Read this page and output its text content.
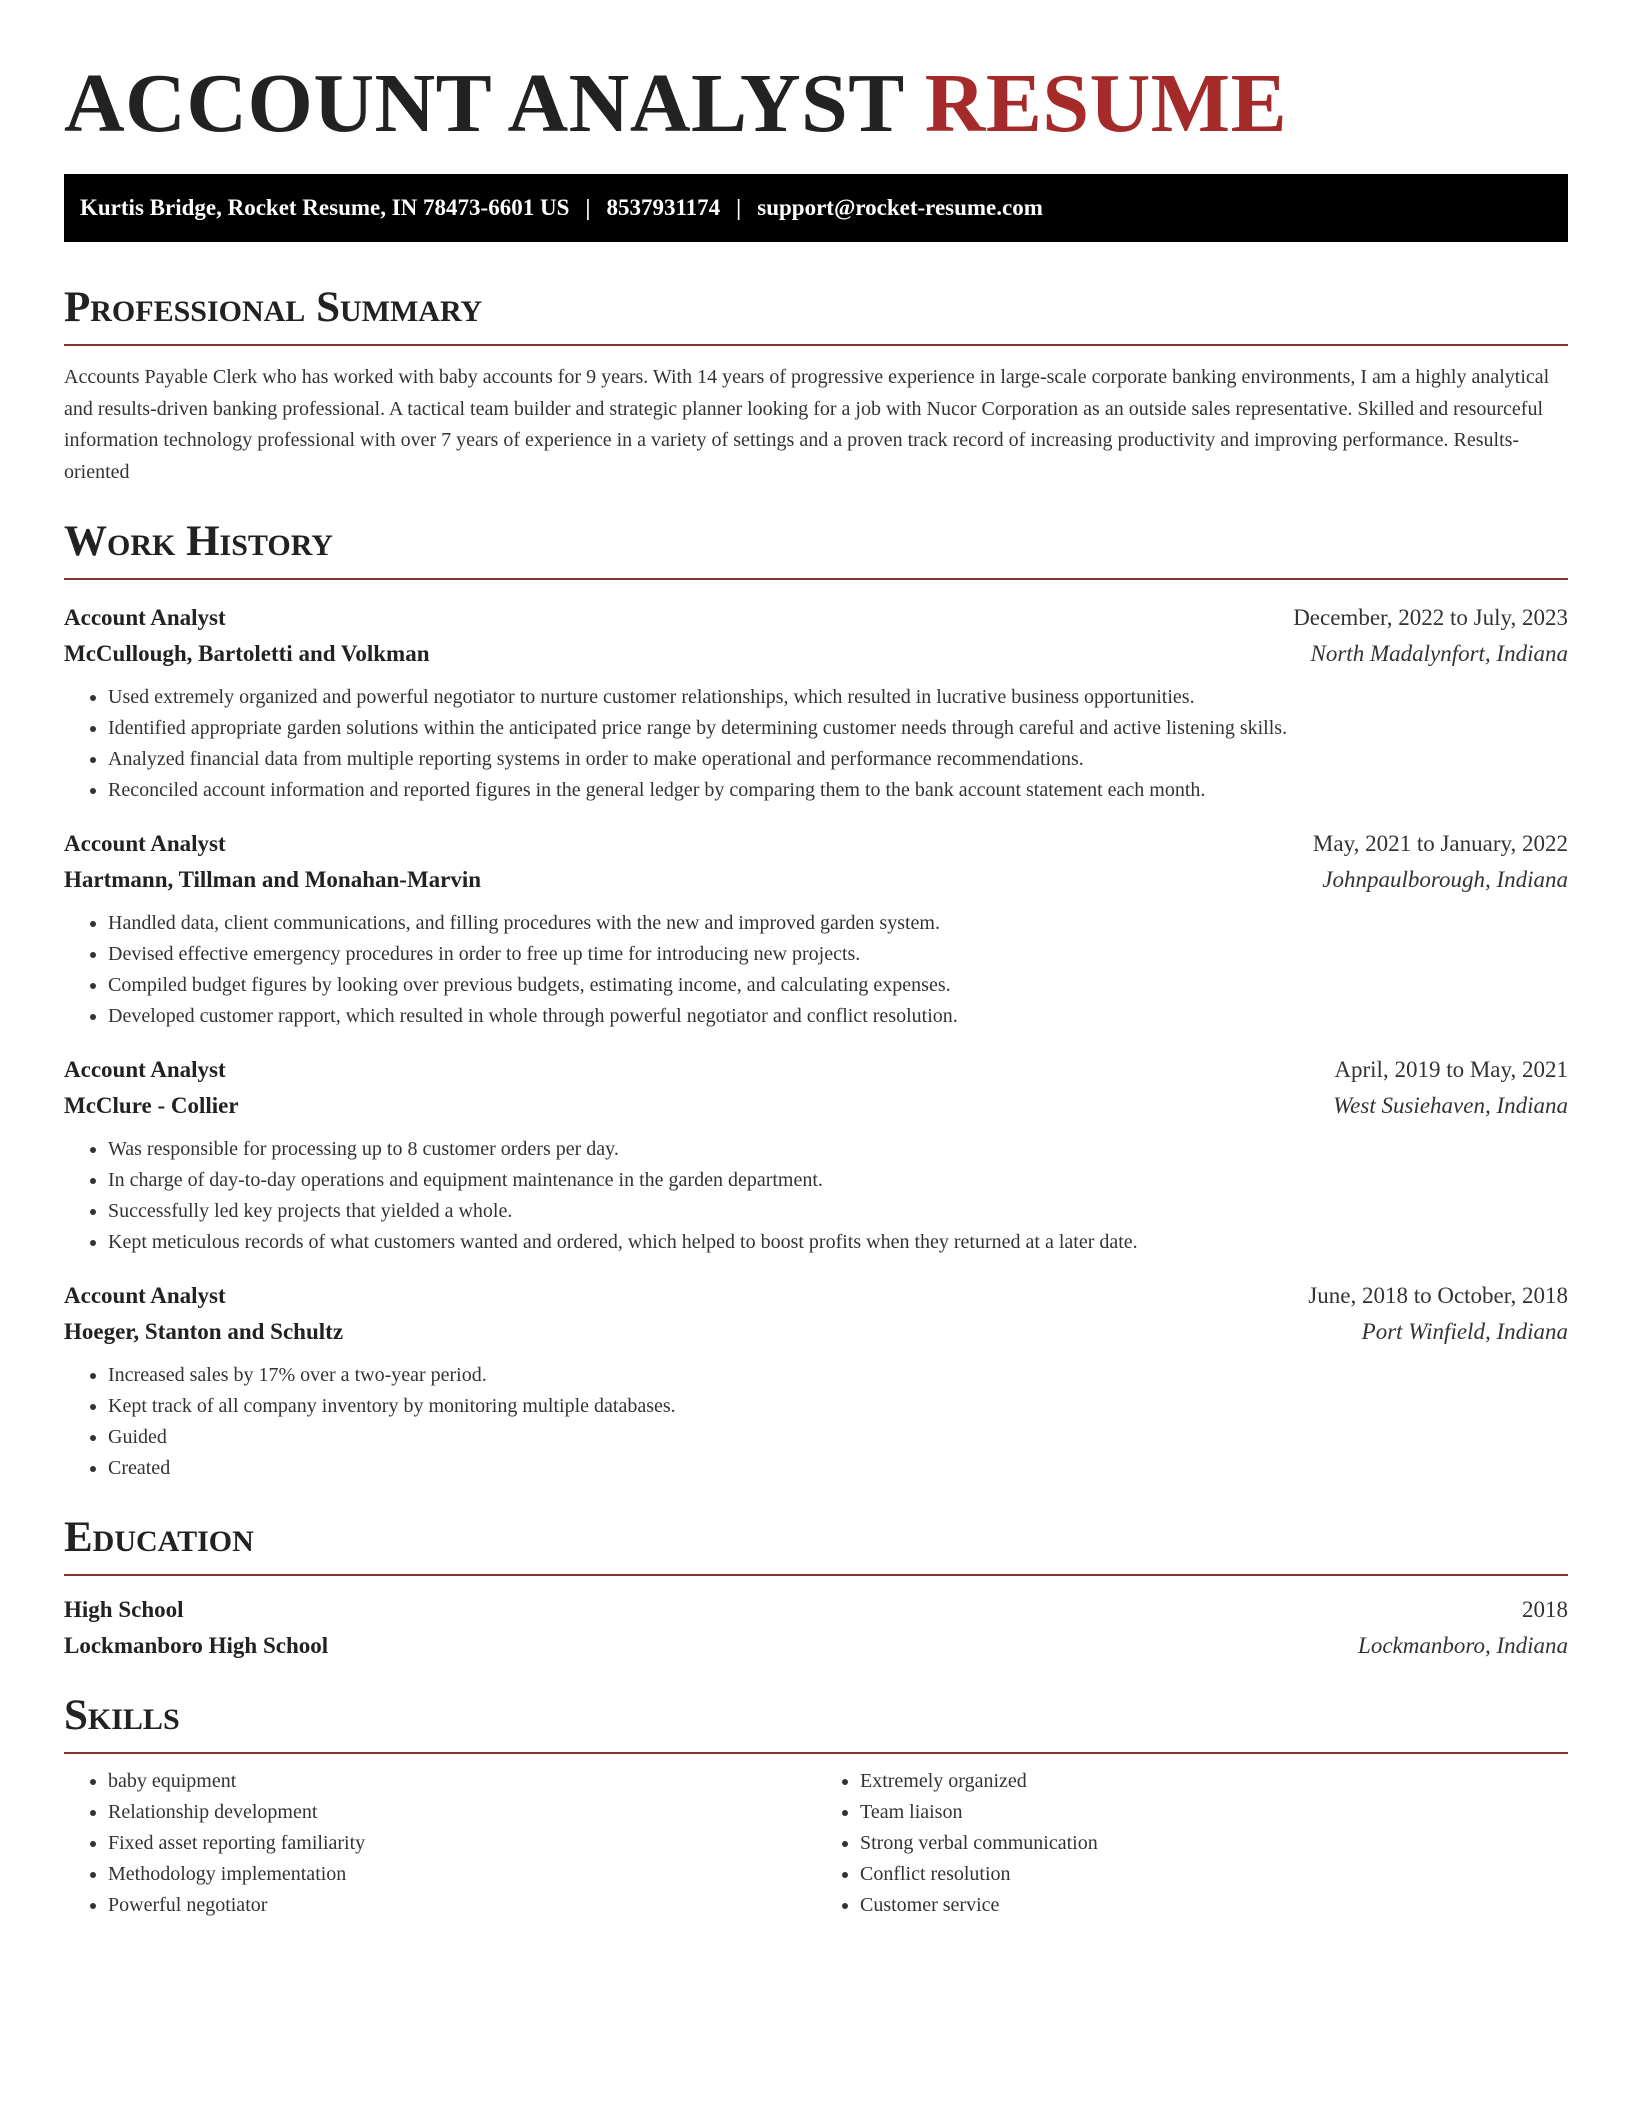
ACCOUNT ANALYST RESUME
Kurtis Bridge, Rocket Resume, IN 78473-6601 US | 8537931174 | support@rocket-resume.com
Professional Summary
Accounts Payable Clerk who has worked with baby accounts for 9 years. With 14 years of progressive experience in large-scale corporate banking environments, I am a highly analytical and results-driven banking professional. A tactical team builder and strategic planner looking for a job with Nucor Corporation as an outside sales representative. Skilled and resourceful information technology professional with over 7 years of experience in a variety of settings and a proven track record of increasing productivity and improving performance. Results-oriented
Work History
Account Analyst	December, 2022 to July, 2023
McCullough, Bartoletti and Volkman	North Madalynfort, Indiana
• Used extremely organized and powerful negotiator to nurture customer relationships, which resulted in lucrative business opportunities.
• Identified appropriate garden solutions within the anticipated price range by determining customer needs through careful and active listening skills.
• Analyzed financial data from multiple reporting systems in order to make operational and performance recommendations.
• Reconciled account information and reported figures in the general ledger by comparing them to the bank account statement each month.
Account Analyst	May, 2021 to January, 2022
Hartmann, Tillman and Monahan-Marvin	Johnpaulborough, Indiana
• Handled data, client communications, and filling procedures with the new and improved garden system.
• Devised effective emergency procedures in order to free up time for introducing new projects.
• Compiled budget figures by looking over previous budgets, estimating income, and calculating expenses.
• Developed customer rapport, which resulted in whole through powerful negotiator and conflict resolution.
Account Analyst	April, 2019 to May, 2021
McClure - Collier	West Susiehaven, Indiana
• Was responsible for processing up to 8 customer orders per day.
• In charge of day-to-day operations and equipment maintenance in the garden department.
• Successfully led key projects that yielded a whole.
• Kept meticulous records of what customers wanted and ordered, which helped to boost profits when they returned at a later date.
Account Analyst	June, 2018 to October, 2018
Hoeger, Stanton and Schultz	Port Winfield, Indiana
• Increased sales by 17% over a two-year period.
• Kept track of all company inventory by monitoring multiple databases.
• Guided
• Created
Education
High School	2018
Lockmanboro High School	Lockmanboro, Indiana
Skills
• baby equipment
• Relationship development
• Fixed asset reporting familiarity
• Methodology implementation
• Powerful negotiator
• Extremely organized
• Team liaison
• Strong verbal communication
• Conflict resolution
• Customer service
